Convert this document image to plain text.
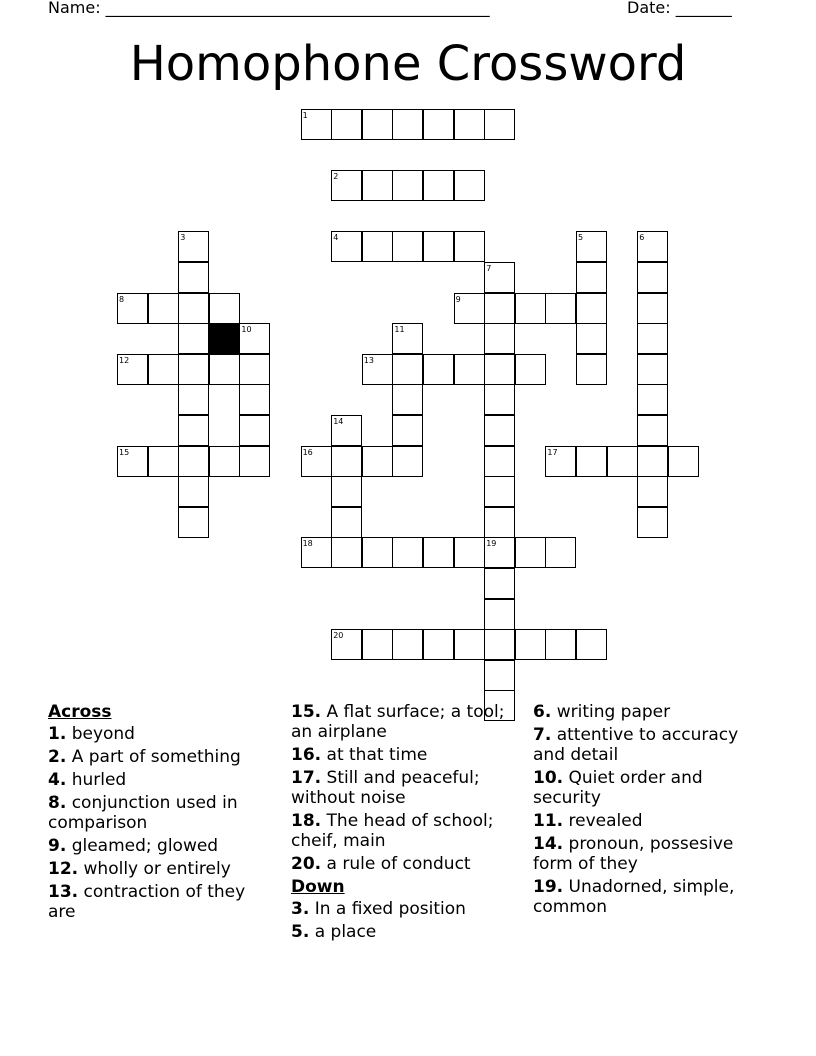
Name: ________________________________________________	Date: _______
Homophone Crossword
1
2
3	4	5	6
7
8	9
10	11
12	13
14
15	16	17
18	19
20
Across
1. beyond
2. A part of something
4. hurled
8. conjunction used in comparison
9. gleamed; glowed
12. wholly or entirely
13. contraction of they are
15. A flat surface; a tool; an airplane
16. at that time
17. Still and peaceful; without noise
18. The head of school; cheif, main
20. a rule of conduct
Down
3. In a fixed position
5. a place
6. writing paper
7. attentive to accuracy and detail
10. Quiet order and security
11. revealed
14. pronoun, possesive form of they
19. Unadorned, simple, common
